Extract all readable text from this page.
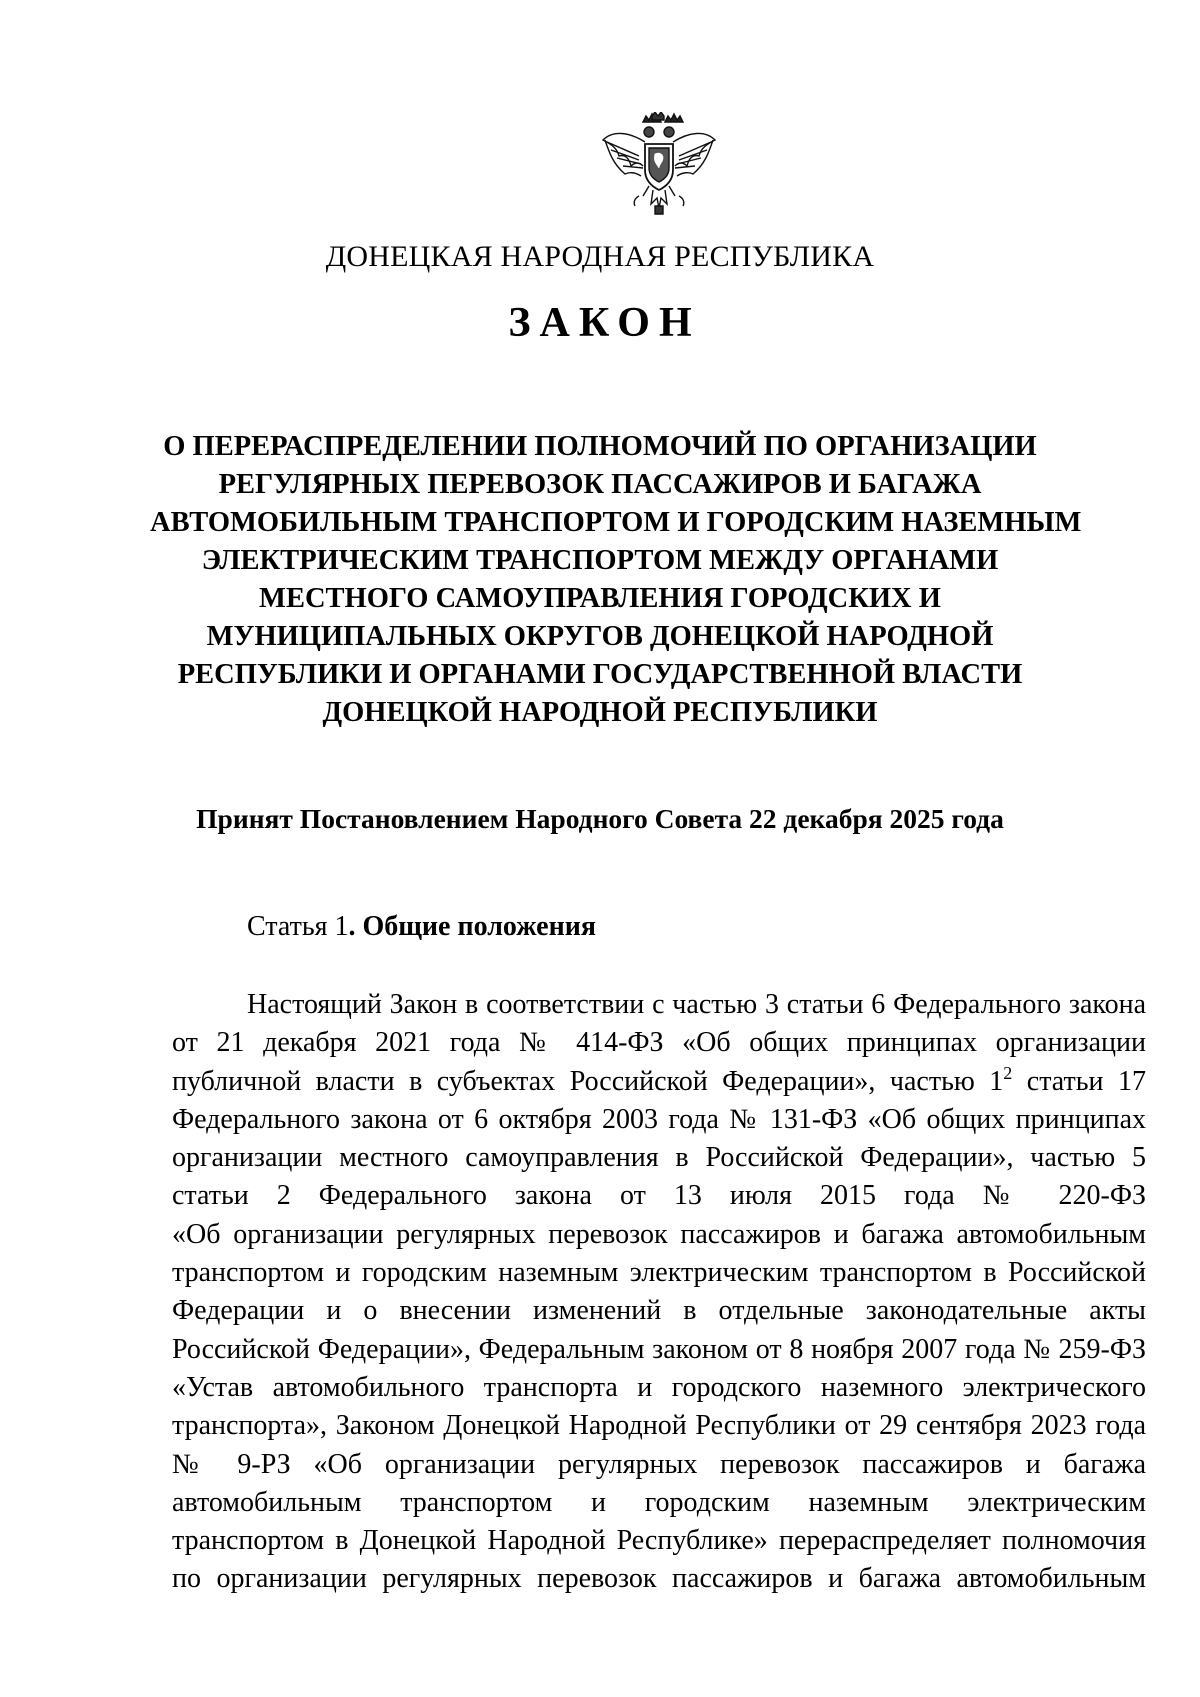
ДОНЕЦКАЯ НАРОДНАЯ РЕСПУБЛИКА
ЗАКОН
О ПЕРЕРАСПРЕДЕЛЕНИИ ПОЛНОМОЧИЙ ПО ОРГАНИЗАЦИИ
РЕГУЛЯРНЫХ ПЕРЕВОЗОК ПАССАЖИРОВ И БАГАЖА
АВТОМОБИЛЬНЫМ ТРАНСПОРТОМ И ГОРОДСКИМ НАЗЕМНЫМ
ЭЛЕКТРИЧЕСКИМ ТРАНСПОРТОМ МЕЖДУ ОРГАНАМИ
МЕСТНОГО САМОУПРАВЛЕНИЯ ГОРОДСКИХ И
МУНИЦИПАЛЬНЫХ ОКРУГОВ ДОНЕЦКОЙ НАРОДНОЙ
РЕСПУБЛИКИ И ОРГАНАМИ ГОСУДАРСТВЕННОЙ ВЛАСТИ
ДОНЕЦКОЙ НАРОДНОЙ РЕСПУБЛИКИ
Принят Постановлением Народного Совета 22 декабря 2025 года
Статья 1. Общие положения
Настоящий Закон в соответствии с частью 3 статьи 6 Федерального закона
от 21 декабря 2021 года № 414-ФЗ «Об общих принципах организации
публичной власти в субъектах Российской Федерации», частью $1^2$ статьи 17
Федерального закона от 6 октября 2003 года № 131-ФЗ «Об общих принципах
организации местного самоуправления в Российской Федерации», частью 5
статьи 2 Федерального закона от 13 июля 2015 года № 220-ФЗ
«Об организации регулярных перевозок пассажиров и багажа автомобильным
транспортом и городским наземным электрическим транспортом в Российской
Федерации и о внесении изменений в отдельные законодательные акты
Российской Федерации», Федеральным законом от 8 ноября 2007 года № 259-ФЗ
«Устав автомобильного транспорта и городского наземного электрического
транспорта», Законом Донецкой Народной Республики от 29 сентября 2023 года
№ 9-РЗ «Об организации регулярных перевозок пассажиров и багажа
автомобильным транспортом и городским наземным электрическим
транспортом в Донецкой Народной Республике» перераспределяет полномочия
по организации регулярных перевозок пассажиров и багажа автомобильным
